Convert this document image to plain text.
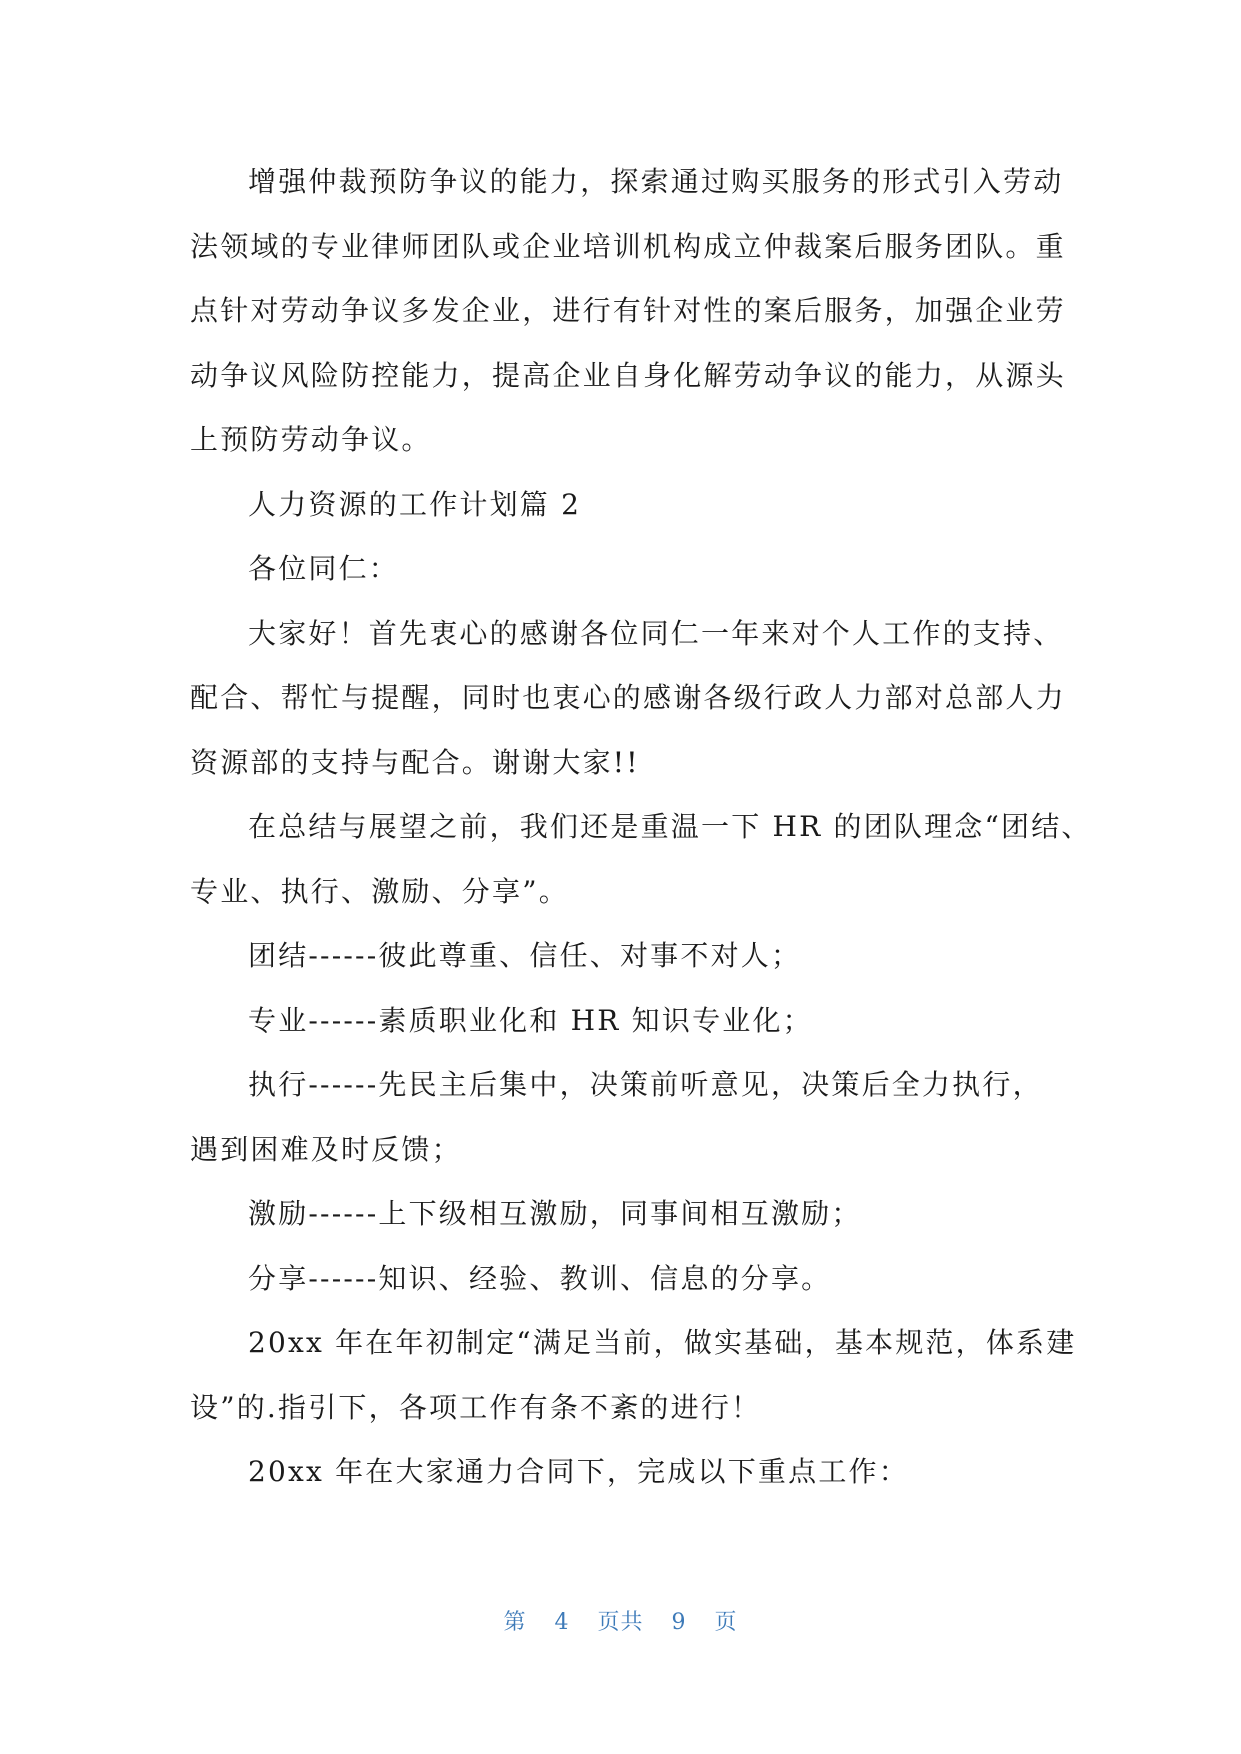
增强仲裁预防争议的能力，探索通过购买服务的形式引入劳动

法领域的专业律师团队或企业培训机构成立仲裁案后服务团队。重

点针对劳动争议多发企业，进行有针对性的案后服务，加强企业劳

动争议风险防控能力，提高企业自身化解劳动争议的能力，从源头

上预防劳动争议。

人力资源的工作计划篇 2

各位同仁：

大家好！首先衷心的感谢各位同仁一年来对个人工作的支持、

配合、帮忙与提醒，同时也衷心的感谢各级行政人力部对总部人力

资源部的支持与配合。谢谢大家!!

在总结与展望之前，我们还是重温一下 HR 的团队理念“团结、

专业、执行、激励、分享”。

团结------彼此尊重、信任、对事不对人；

专业------素质职业化和 HR 知识专业化；

执行------先民主后集中，决策前听意见，决策后全力执行，

遇到困难及时反馈；

激励------上下级相互激励，同事间相互激励；

分享------知识、经验、教训、信息的分享。

20xx 年在年初制定“满足当前，做实基础，基本规范，体系建

设”的.指引下，各项工作有条不紊的进行！

20xx 年在大家通力合同下，完成以下重点工作：

第 4 页共 9 页
